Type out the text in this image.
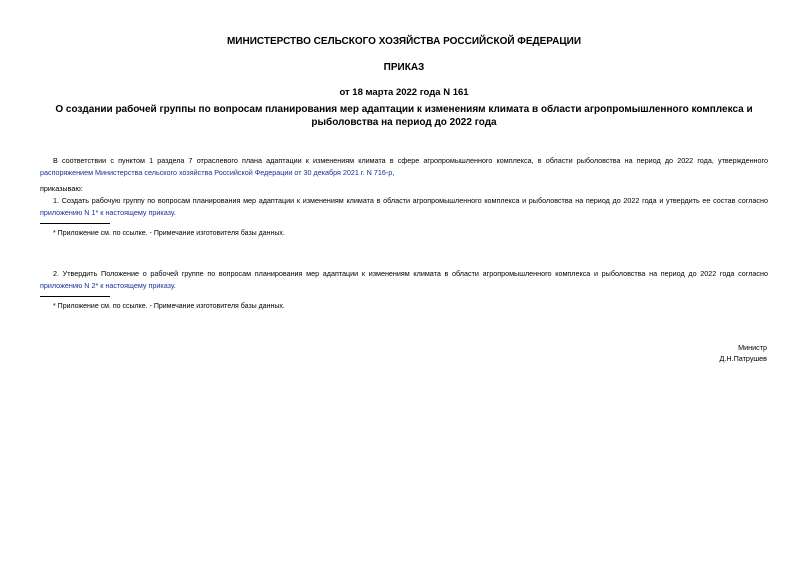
МИНИСТЕРСТВО СЕЛЬСКОГО ХОЗЯЙСТВА РОССИЙСКОЙ ФЕДЕРАЦИИ
ПРИКАЗ
от 18 марта 2022 года N 161
О создании рабочей группы по вопросам планирования мер адаптации к изменениям климата в области агропромышленного комплекса и рыболовства на период до 2022 года
В соответствии с пунктом 1 раздела 7 отраслевого плана адаптации к изменениям климата в сфере агропромышленного комплекса, в области рыболовства на период до 2022 года, утвержденного распоряжением Министерства сельского хозяйства Российской Федерации от 30 декабря 2021 г. N 716-р,
приказываю:
1. Создать рабочую группу по вопросам планирования мер адаптации к изменениям климата в области агропромышленного комплекса и рыболовства на период до 2022 года и утвердить ее состав согласно приложению N 1* к настоящему приказу.
* Приложение см. по ссылке. - Примечание изготовителя базы данных.
2. Утвердить Положение о рабочей группе по вопросам планирования мер адаптации к изменениям климата в области агропромышленного комплекса и рыболовства на период до 2022 года согласно приложению N 2* к настоящему приказу.
* Приложение см. по ссылке. - Примечание изготовителя базы данных.
Министр
Д.Н.Патрушев
